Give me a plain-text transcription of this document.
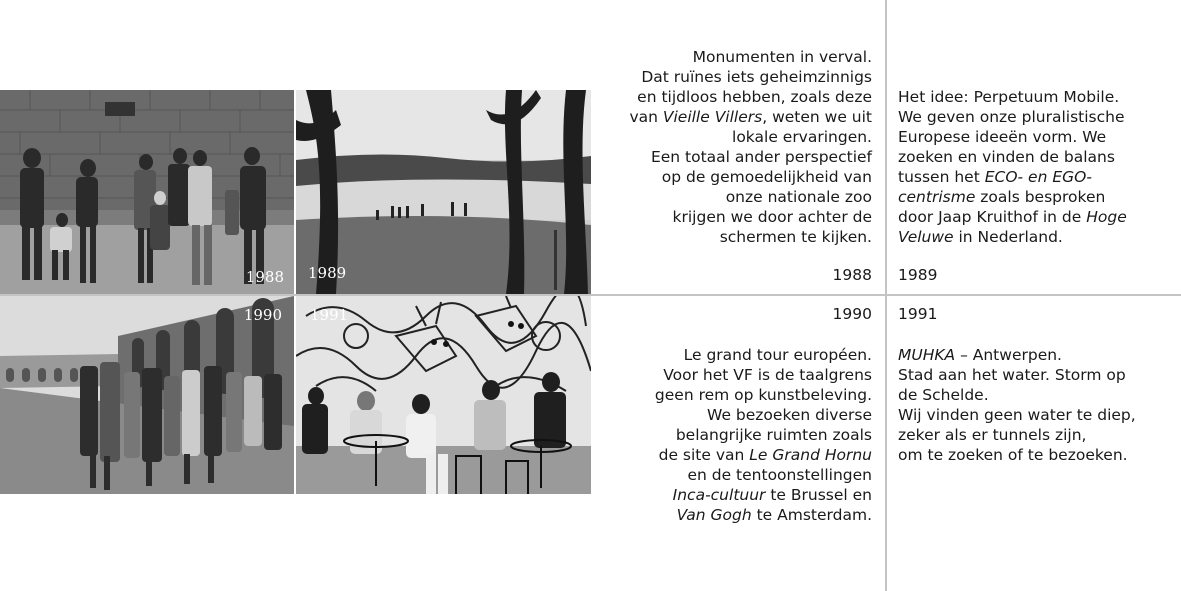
1988 1989
1990 1991
Monumenten in verval.
Dat ruïnes iets geheimzinnigs
en tijdloos hebben, zoals deze
van Vieille Villers, weten we uit
lokale ervaringen.
Een totaal ander perspectief
op de gemoedelijkheid van
onze nationale zoo
krijgen we door achter de
schermen te kijken.
1988
Het idee: Perpetuum Mobile.
We geven onze pluralistische
Europese ideeën vorm. We
zoeken en vinden de balans
tussen het ECO- en EGO-
centrisme zoals besproken
door Jaap Kruithof in de Hoge
Veluwe in Nederland.
1989
1990
Le grand tour européen.
Voor het VF is de taalgrens
geen rem op kunstbeleving.
We bezoeken diverse
belangrijke ruimten zoals
de site van Le Grand Hornu
en de tentoonstellingen
Inca-cultuur te Brussel en
Van Gogh te Amsterdam.
1991
MUHKA – Antwerpen.
Stad aan het water. Storm op
de Schelde.
Wij vinden geen water te diep,
zeker als er tunnels zijn,
om te zoeken of te bezoeken.
